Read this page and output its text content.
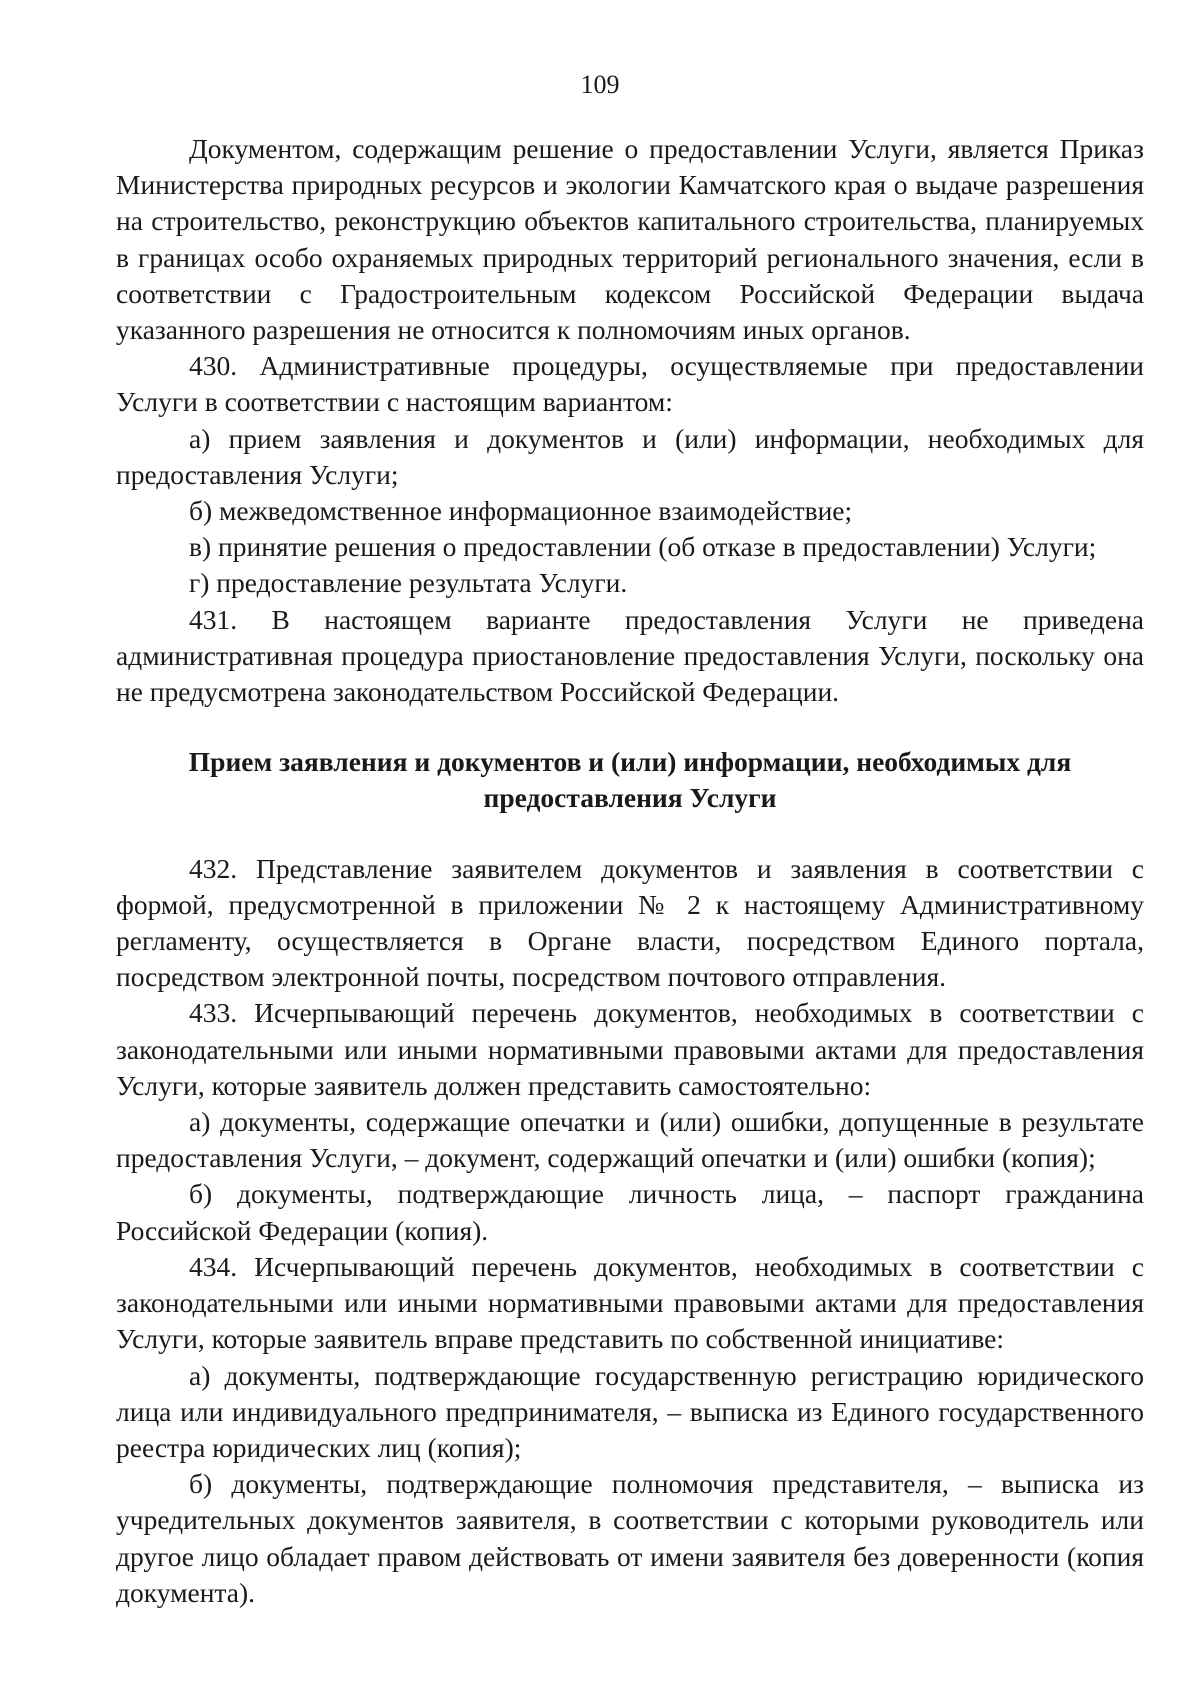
109

Документом, содержащим решение о предоставлении Услуги, является Приказ Министерства природных ресурсов и экологии Камчатского края о выдаче разрешения на строительство, реконструкцию объектов капитального строительства, планируемых в границах особо охраняемых природных территорий регионального значения, если в соответствии с Градостроительным кодексом Российской Федерации выдача указанного разрешения не относится к полномочиям иных органов.

430. Административные процедуры, осуществляемые при предоставлении Услуги в соответствии с настоящим вариантом:

а) прием заявления и документов и (или) информации, необходимых для предоставления Услуги;

б) межведомственное информационное взаимодействие;

в) принятие решения о предоставлении (об отказе в предоставлении) Услуги;

г) предоставление результата Услуги.

431. В настоящем варианте предоставления Услуги не приведена административная процедура приостановление предоставления Услуги, поскольку она не предусмотрена законодательством Российской Федерации.

Прием заявления и документов и (или) информации, необходимых для предоставления Услуги

432. Представление заявителем документов и заявления в соответствии с формой, предусмотренной в приложении № 2 к настоящему Административному регламенту, осуществляется в Органе власти, посредством Единого портала, посредством электронной почты, посредством почтового отправления.

433. Исчерпывающий перечень документов, необходимых в соответствии с законодательными или иными нормативными правовыми актами для предоставления Услуги, которые заявитель должен представить самостоятельно:

а) документы, содержащие опечатки и (или) ошибки, допущенные в результате предоставления Услуги, – документ, содержащий опечатки и (или) ошибки (копия);

б) документы, подтверждающие личность лица, – паспорт гражданина Российской Федерации (копия).

434. Исчерпывающий перечень документов, необходимых в соответствии с законодательными или иными нормативными правовыми актами для предоставления Услуги, которые заявитель вправе представить по собственной инициативе:

а) документы, подтверждающие государственную регистрацию юридического лица или индивидуального предпринимателя, – выписка из Единого государственного реестра юридических лиц (копия);

б) документы, подтверждающие полномочия представителя, – выписка из учредительных документов заявителя, в соответствии с которыми руководитель или другое лицо обладает правом действовать от имени заявителя без доверенности (копия документа).
